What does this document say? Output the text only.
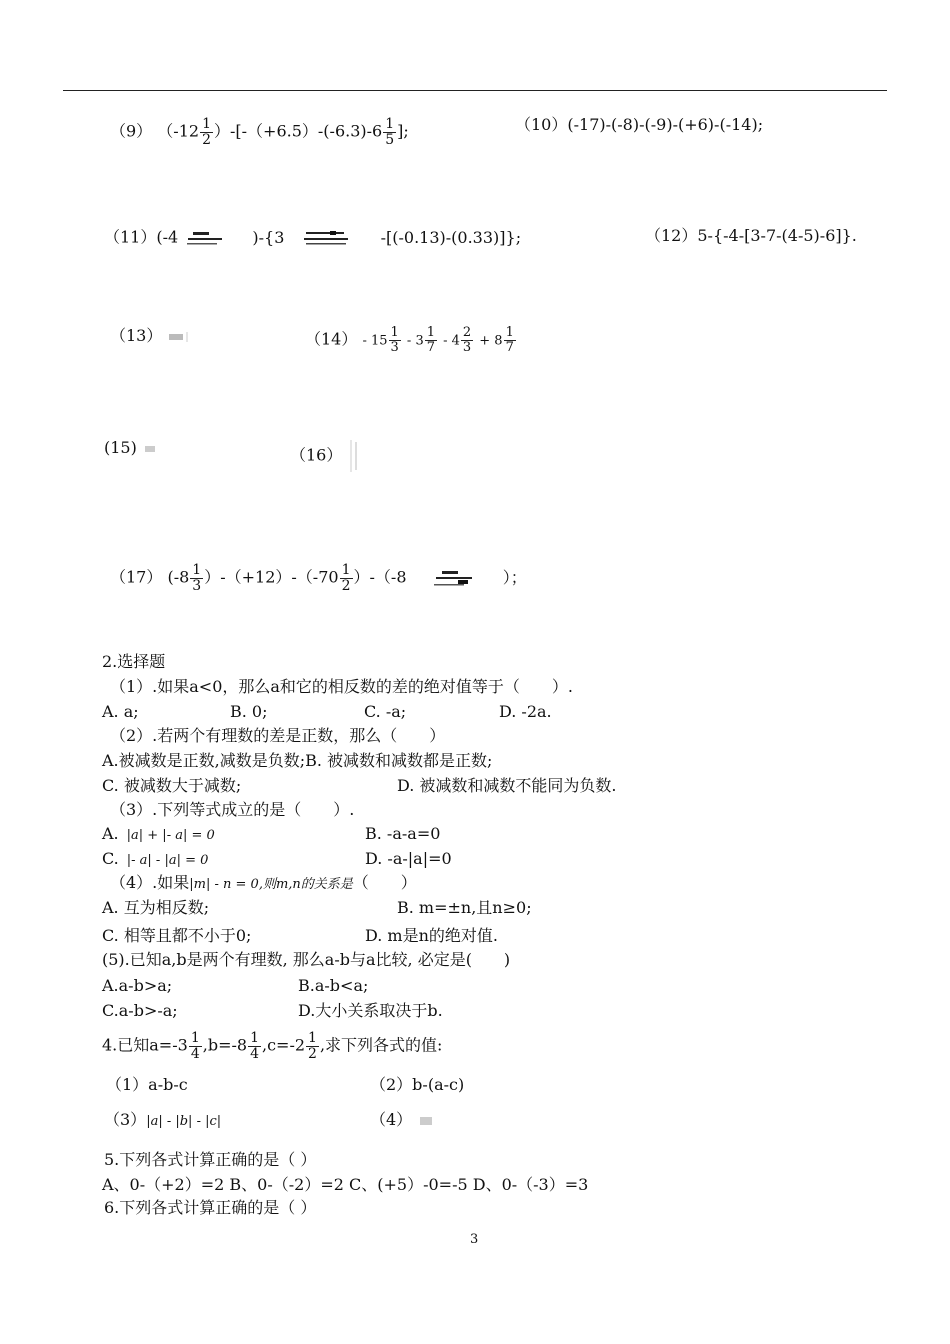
（9） $(-12 \frac{1}{2} )-[-(+6.5)-(-6.3)-6 \frac{1}{5}$ ];	（10）(-17)-(-8)-(-9)-(+6)-(-14);
（11）(-4	)-{3	-[(-0.13)-(0.33)]};	（12）5-{-4-[3-7-(4-5)-6]}.
（13）	$(14) - 15 \frac{1}{3} - 3 \frac{1}{7} - 4 \frac{2}{3} + 8 \frac{1}{7}$
(15)	（16）
（17） $(-8 \frac{1}{3} )-(+12)-(-70 \frac{1}{2} )-(-8$	）；
2.选择题
（1）.如果a<0，那么a和它的相反数的差的绝对值等于（　　）.
A. a;	B. 0;	C. -a;	D. -2a.
（2）.若两个有理数的差是正数，那么（　　）
A.被减数是正数,减数是负数;B. 被减数和减数都是正数;
C. 被减数大于减数;	D. 被减数和减数不能同为负数.
（3）.下列等式成立的是（　　）.
A. |a| + |- a| = 0	B. -a-a=0
C. |- a| - |a| = 0	D. -a-|a|=0
（4）.如果|m| - n = 0,则m,n的关系是（　　）
A. 互为相反数;	B. m=±n,且n≥0;
C. 相等且都不小于0;	D. m是n的绝对值.
(5).已知a,b是两个有理数, 那么a-b与a比较, 必定是(　　)
A.a-b>a;	B.a-b<a;
C.a-b>-a;	D.大小关系取决于b.
4.已知$a=-3 \frac{1}{4} ,b=-8 \frac{1}{4} ,c=-2 \frac{1}{2}$ ,求下列各式的值:
（1）a-b-c	（2）b-(a-c)
（3）|a| - |b| - |c|	（4）
5.下列各式计算正确的是（ ）
A、0-（+2）=2 B、0-（-2）=2 C、(+5）-0=-5 D、0-（-3）=3
6.下列各式计算正确的是（ ）
3
